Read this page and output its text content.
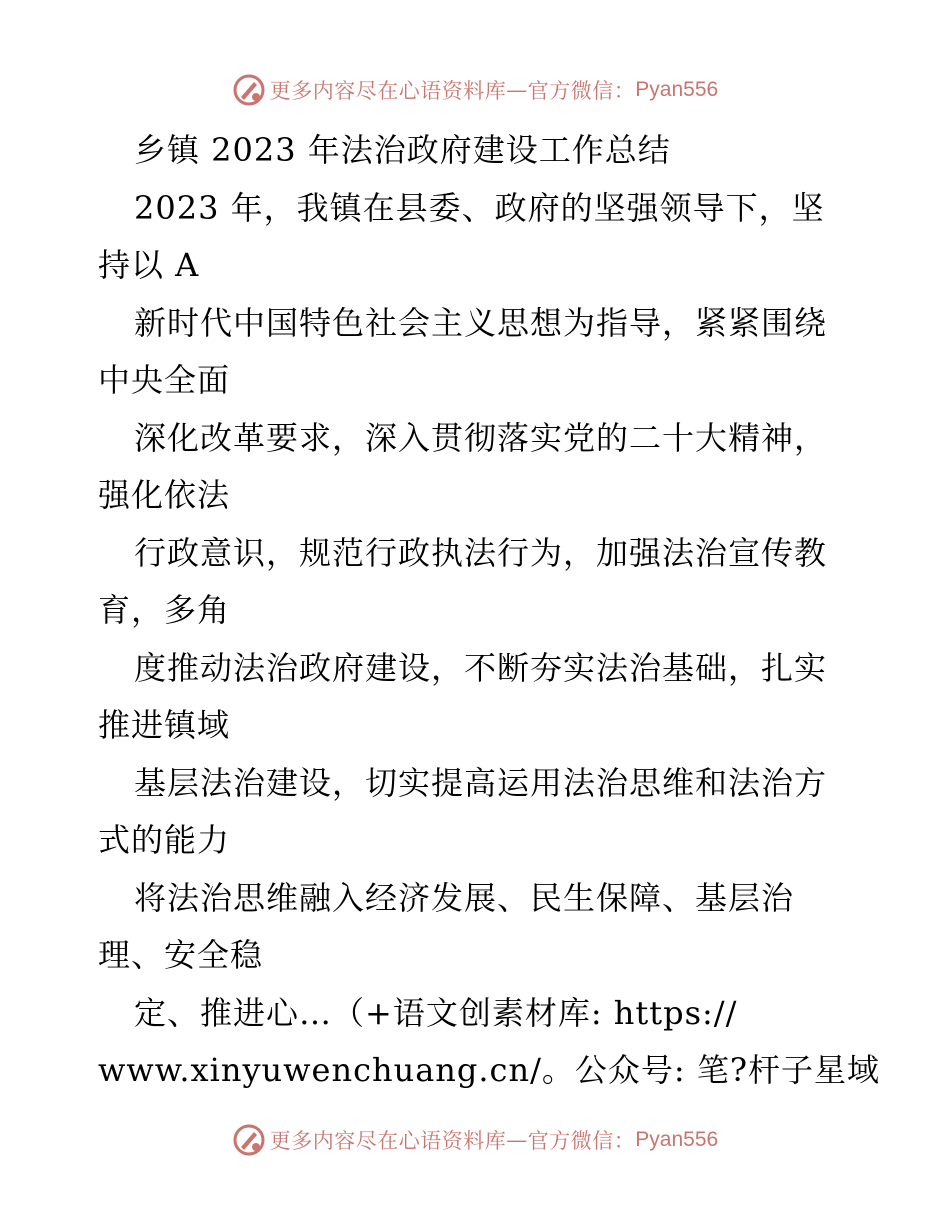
更多内容尽在心语资料库 — 官方微信： Pyan556
乡镇 2023 年法治政府建设工作总结
2023 年，我镇在县委、政府的坚强领导下，坚
持以 A
新时代中国特色社会主义思想为指导，紧紧围绕
中央全面
深化改革要求，深入贯彻落实党的二十大精神，
强化依法
行政意识，规范行政执法行为，加强法治宣传教
育，多角
度推动法治政府建设，不断夯实法治基础，扎实
推进镇域
基层法治建设，切实提高运用法治思维和法治方
式的能力
将法治思维融入经济发展、民生保障、基层治
理、安全稳
定、推进心…（+语文创素材库: https://
www.xinyuwenchuang.cn/。公众号: 笔?杆子星域
更多内容尽在心语资料库 — 官方微信： Pyan556
